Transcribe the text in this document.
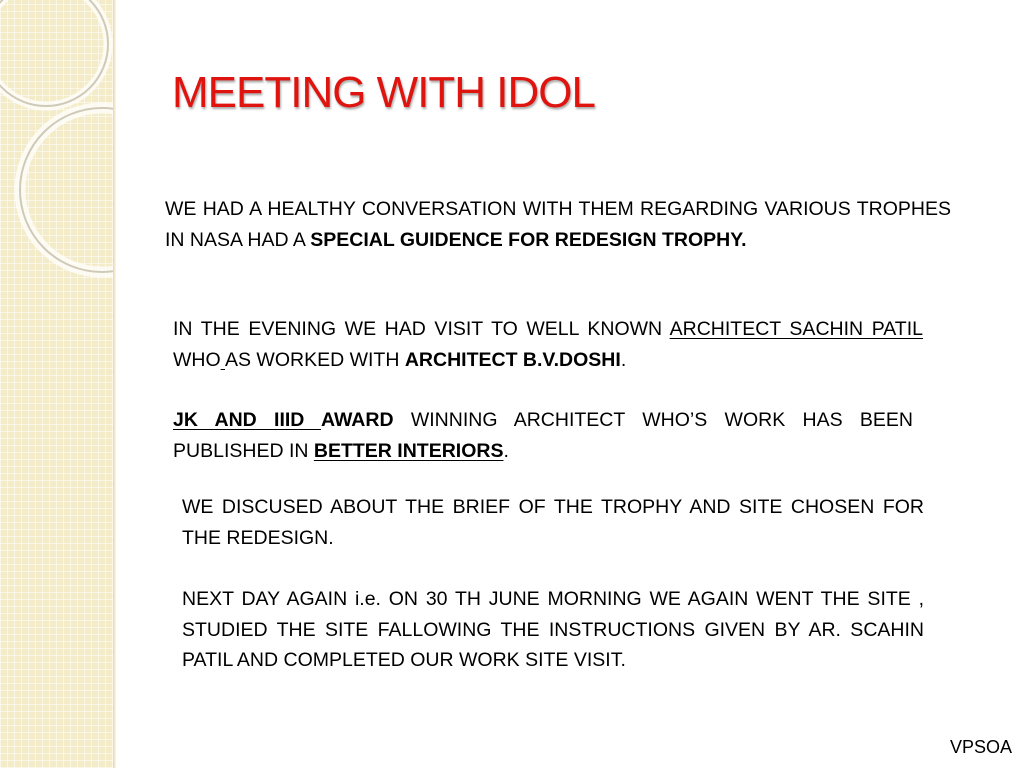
MEETING WITH IDOL

WE HAD A HEALTHY CONVERSATION WITH THEM REGARDING VARIOUS TROPHES IN NASA HAD A SPECIAL GUIDENCE FOR REDESIGN TROPHY.

IN THE EVENING WE HAD VISIT TO WELL KNOWN ARCHITECT SACHIN PATIL WHO AS WORKED WITH ARCHITECT B.V.DOSHI.

JK AND IIID AWARD WINNING ARCHITECT WHO’S WORK HAS BEEN PUBLISHED IN BETTER INTERIORS.

WE DISCUSED ABOUT THE BRIEF OF THE TROPHY AND SITE CHOSEN FOR THE REDESIGN.

NEXT DAY AGAIN i.e. ON 30 TH JUNE MORNING WE AGAIN WENT THE SITE , STUDIED THE SITE FALLOWING THE INSTRUCTIONS GIVEN BY AR. SCAHIN PATIL AND COMPLETED OUR WORK SITE VISIT.

VPSOA
